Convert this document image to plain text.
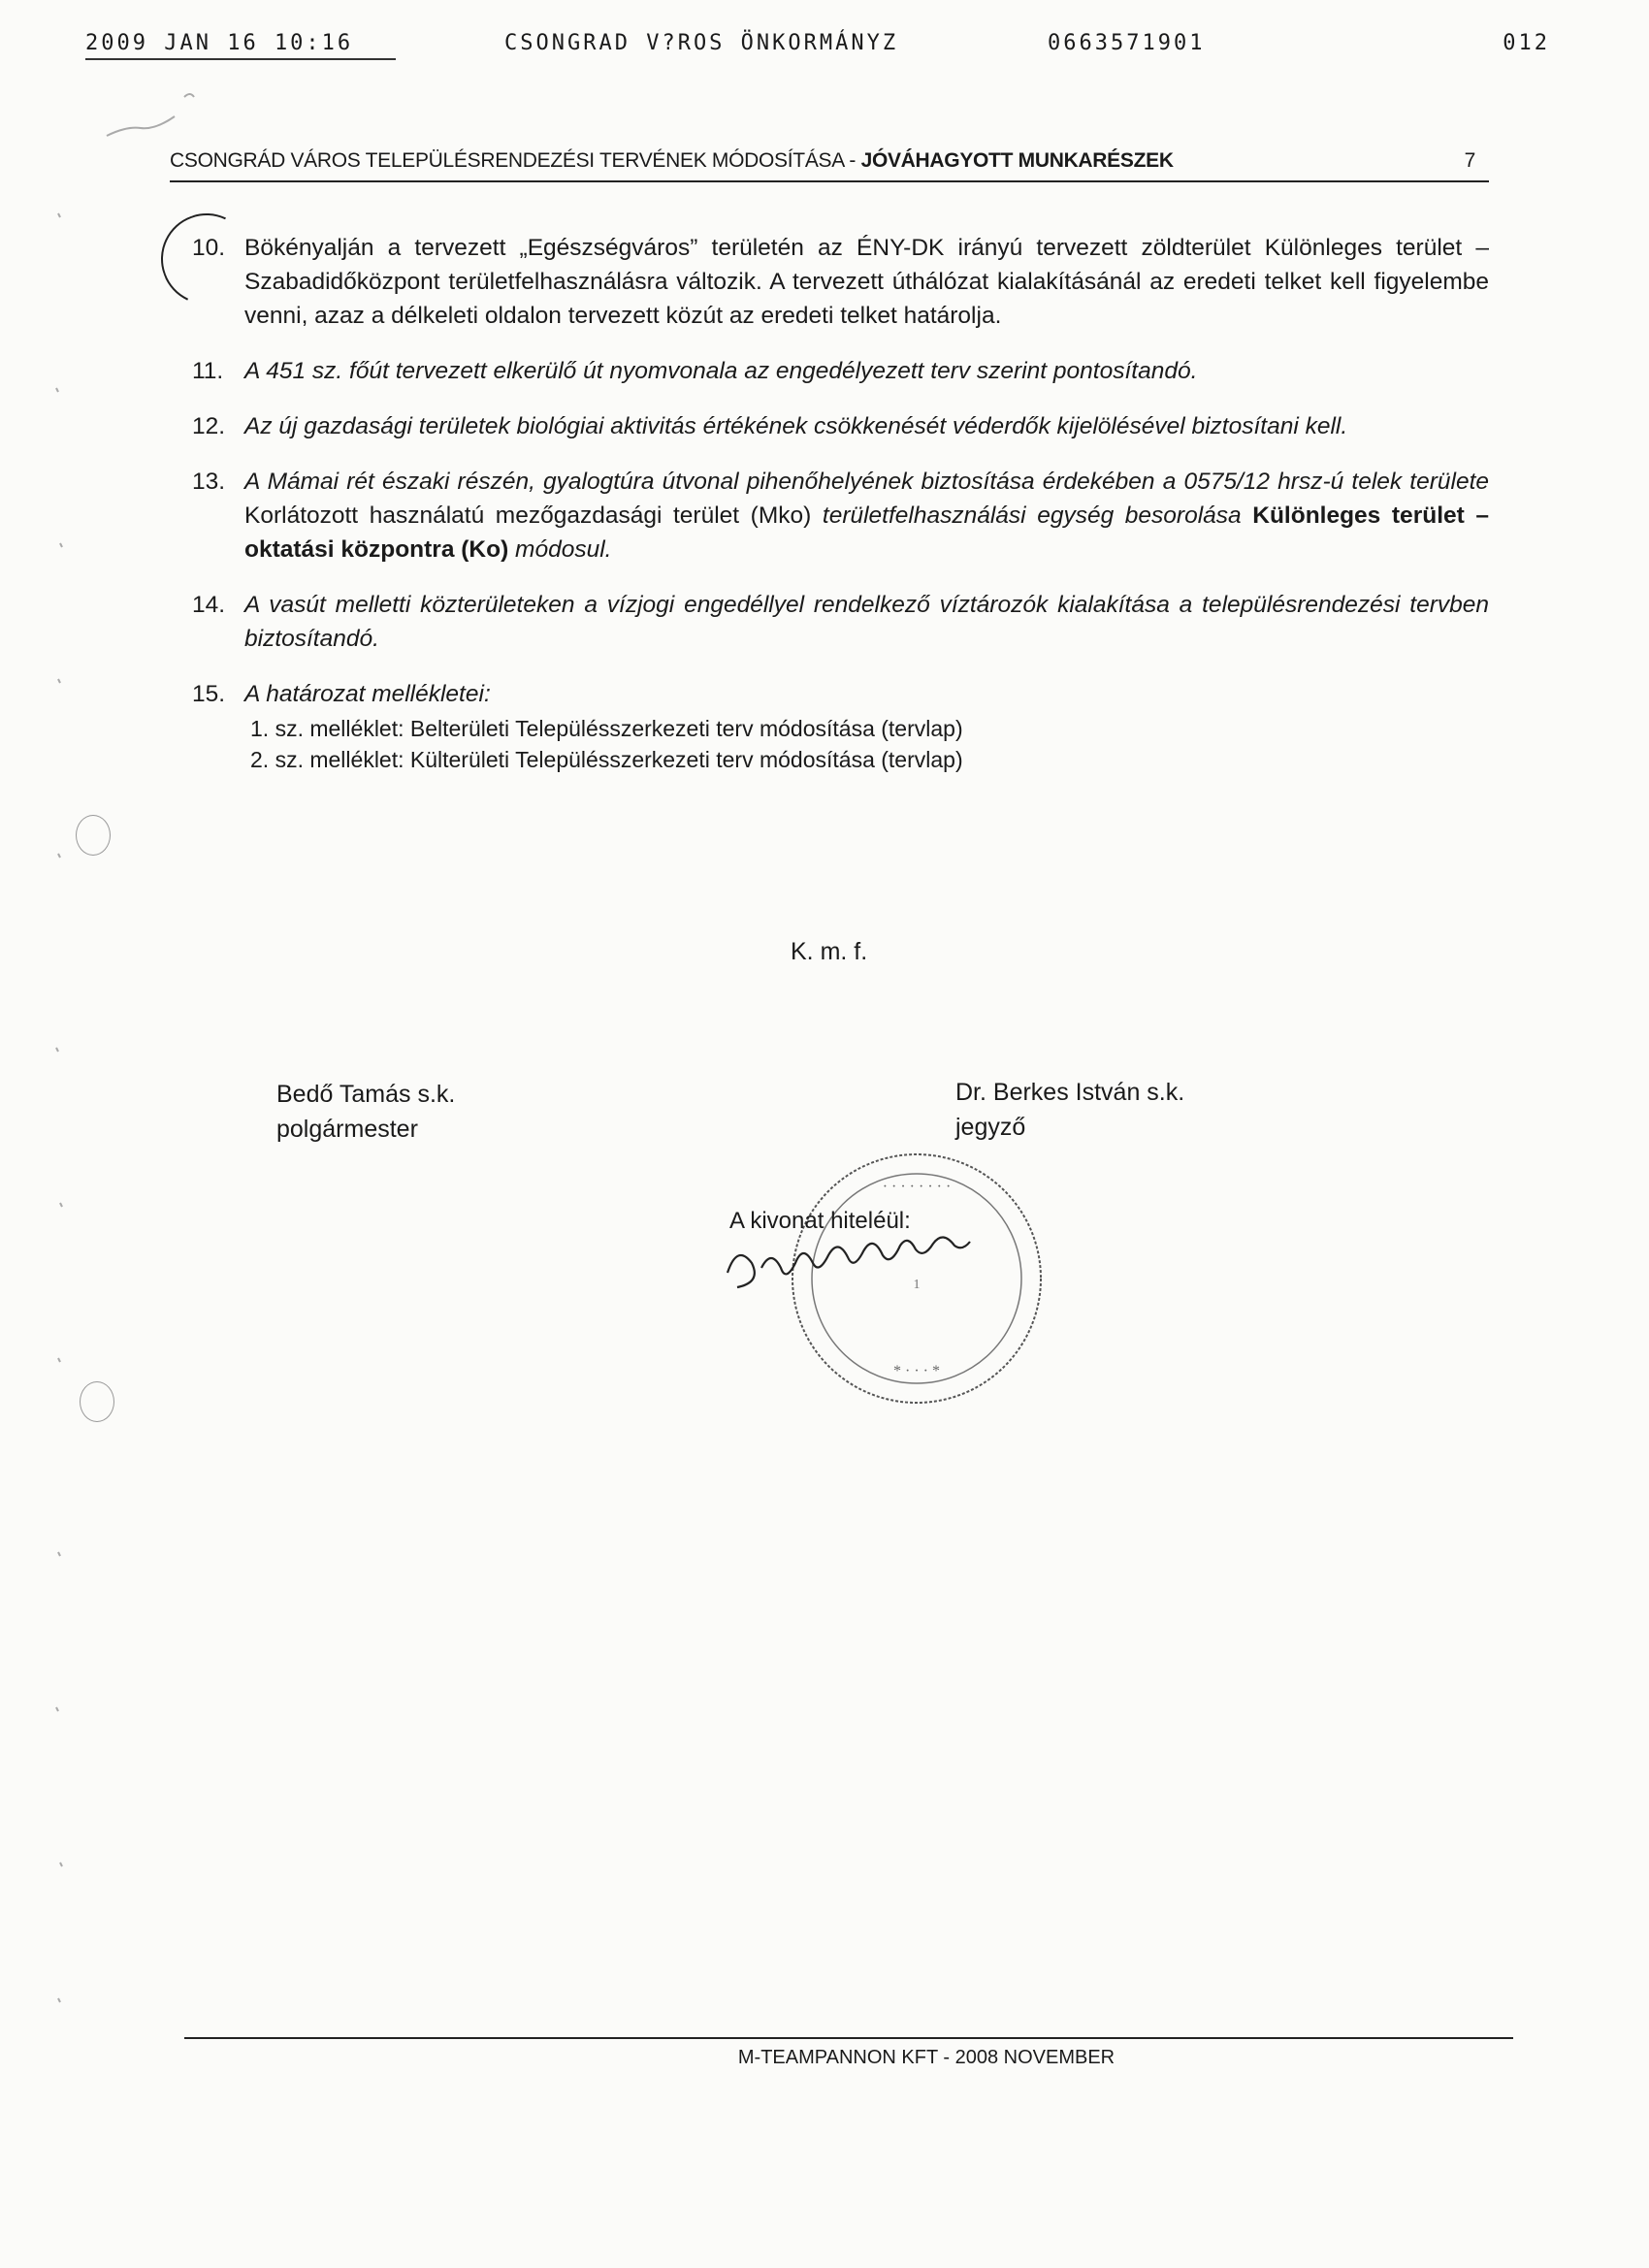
2009 JAN 16 10:16	CSONGRAD V?ROS ÖNKORMÁNYZ	0663571901	012
CSONGRÁD VÁROS TELEPÜLÉSRENDEZÉSI TERVÉNEK MÓDOSÍTÁSA - JÓVÁHAGYOTT MUNKARÉSZEK	7
10. Bökényalján a tervezett „Egészségváros” területén az ÉNY-DK irányú tervezett zöldterület Különleges terület – Szabadidőközpont területfelhasználásra változik. A tervezett úthálózat kialakításánál az eredeti telket kell figyelembe venni, azaz a délkeleti oldalon tervezett közút az eredeti telket határolja.
11. A 451 sz. főút tervezett elkerülő út nyomvonala az engedélyezett terv szerint pontosítandó.
12. Az új gazdasági területek biológiai aktivitás értékének csökkenését véderdők kijelölésével biztosítani kell.
13. A Mámai rét északi részén, gyalogtúra útvonal pihenőhelyének biztosítása érdekében a 0575/12 hrsz-ú telek területe Korlátozott használatú mezőgazdasági terület (Mko) területfelhasználási egység besorolása Különleges terület – oktatási központra (Ko) módosul.
14. A vasút melletti közterületeken a vízjogi engedéllyel rendelkező víztározók kialakítása a településrendezési tervben biztosítandó.
15. A határozat mellékletei:
1. sz. melléklet: Belterületi Településszerkezeti terv módosítása (tervlap)
2. sz. melléklet: Külterületi Településszerkezeti terv módosítása (tervlap)
K. m. f.
Bedő Tamás s.k.
polgármester
Dr. Berkes István s.k.
jegyző
· · · · · · · ·
* · · · *
1
A kivonat hiteléül:
M-TEAMPANNON KFT - 2008 NOVEMBER
